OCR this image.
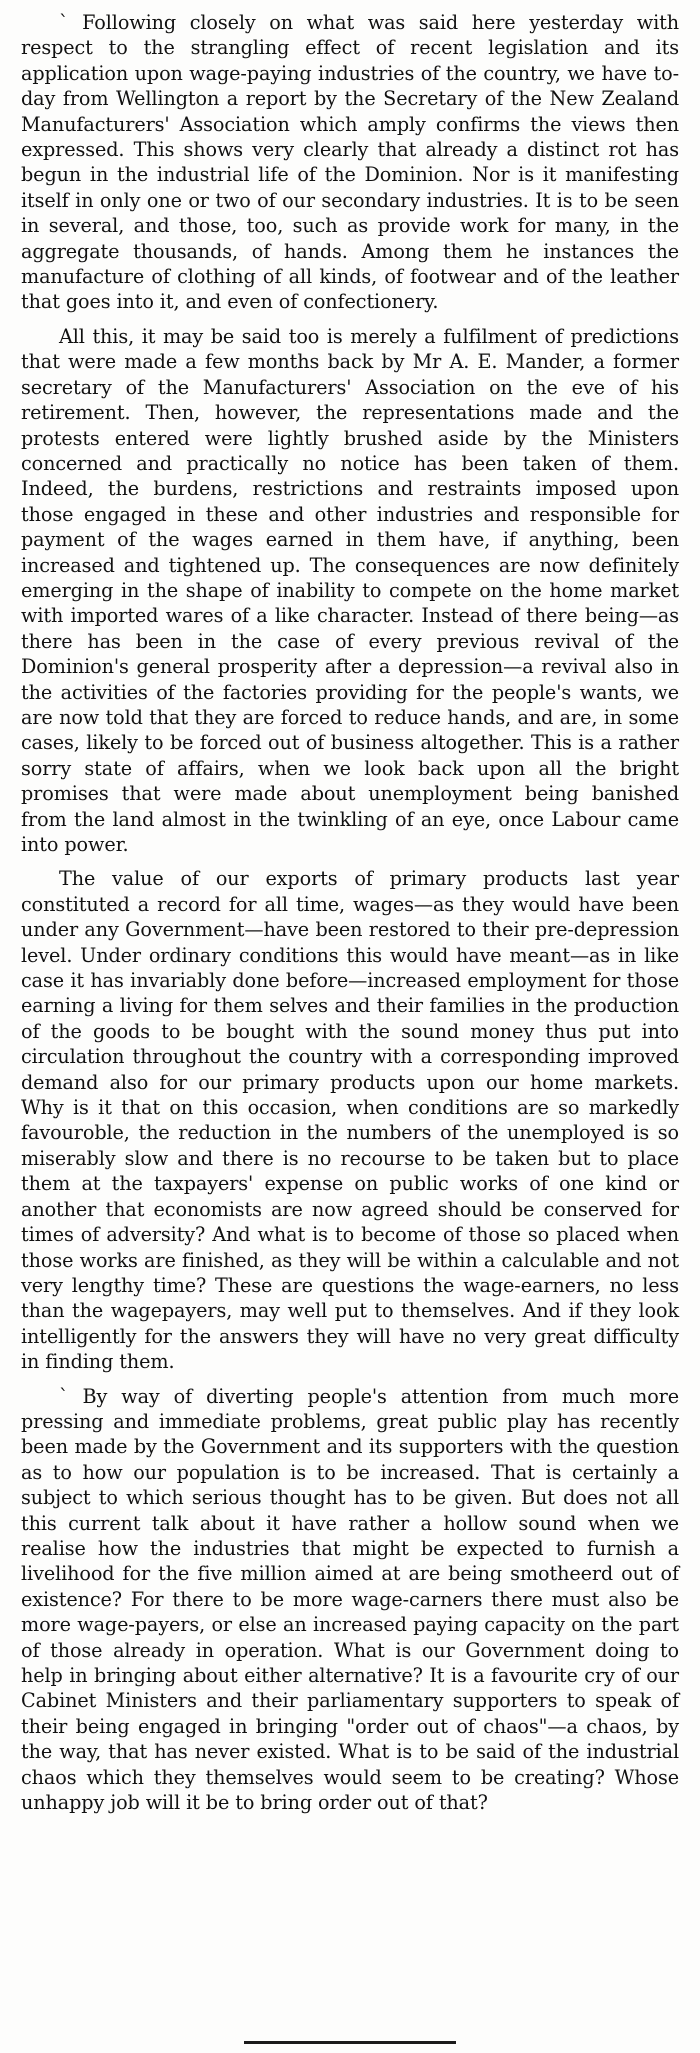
` Following closely on what was said here yesterday with respect to the strangling effect of recent legislation and its application upon wage-paying industries of the country, we have to-day from Wellington a report by the Secretary of the New Zealand Manufacturers' Association which amply confirms the views then expressed. This shows very clearly that already a distinct rot has begun in the industrial life of the Dominion. Nor is it manifesting itself in only one or two of our secondary industries. It is to be seen in several, and those, too, such as provide work for many, in the aggregate thousands, of hands. Among them he instances the manufacture of clothing of all kinds, of footwear and of the leather that goes into it, and even of confectionery.

All this, it may be said too is merely a fulfilment of predictions that were made a few months back by Mr A. E. Mander, a former secretary of the Manufacturers' Association on the eve of his retirement. Then, however, the representations made and the protests entered were lightly brushed aside by the Ministers concerned and practically no notice has been taken of them. Indeed, the burdens, restrictions and restraints imposed upon those engaged in these and other industries and responsible for payment of the wages earned in them have, if anything, been increased and tightened up. The consequences are now definitely emerging in the shape of inability to compete on the home market with imported wares of a like character. Instead of there being—as there has been in the case of every previous revival of the Dominion's general prosperity after a depression—a revival also in the activities of the factories providing for the people's wants, we are now told that they are forced to reduce hands, and are, in some cases, likely to be forced out of business altogether. This is a rather sorry state of affairs, when we look back upon all the bright promises that were made about unemployment being banished from the land almost in the twinkling of an eye, once Labour came into power.

The value of our exports of primary products last year constituted a record for all time, wages—as they would have been under any Government—have been restored to their pre-depression level. Under ordinary conditions this would have meant—as in like case it has invariably done before—increased employment for those earning a living for them selves and their families in the production of the goods to be bought with the sound money thus put into circulation throughout the country with a corresponding improved demand also for our primary products upon our home markets. Why is it that on this occasion, when conditions are so markedly favouroble, the reduction in the numbers of the unemployed is so miserably slow and there is no recourse to be taken but to place them at the taxpayers' expense on public works of one kind or another that economists are now agreed should be conserved for times of adversity? And what is to become of those so placed when those works are finished, as they will be within a calculable and not very lengthy time? These are questions the wage-earners, no less than the wagepayers, may well put to themselves. And if they look intelligently for the answers they will have no very great difficulty in finding them.

` By way of diverting people's attention from much more pressing and immediate problems, great public play has recently been made by the Government and its supporters with the question as to how our population is to be increased. That is certainly a subject to which serious thought has to be given. But does not all this current talk about it have rather a hollow sound when we realise how the industries that might be expected to furnish a livelihood for the five million aimed at are being smotheerd out of existence? For there to be more wage-carners there must also be more wage-payers, or else an increased paying capacity on the part of those already in operation. What is our Government doing to help in bringing about either alternative? It is a favourite cry of our Cabinet Ministers and their parliamentary supporters to speak of their being engaged in bringing "order out of chaos"—a chaos, by the way, that has never existed. What is to be said of the industrial chaos which they themselves would seem to be creating? Whose unhappy job will it be to bring order out of that?
